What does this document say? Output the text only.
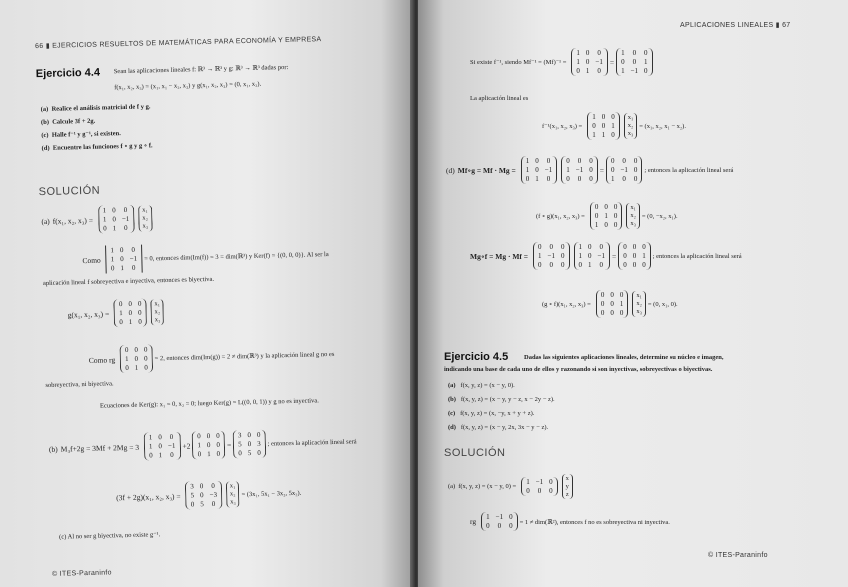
66 ▮ EJERCICIOS RESUELTOS DE MATEMÁTICAS PARA ECONOMÍA Y EMPRESA
Ejercicio 4.4 Sean las aplicaciones lineales f: ℝ³ → ℝ³ y g: ℝ³ → ℝ³ dadas por:
f(x₁, x₂, x₃) = (x₁, x₁ − x₂, x₃) y g(x₁, x₂, x₃) = (0, x₁, x₂).
(a) Realice el análisis matricial de f y g.
(b) Calcule 3f + 2g.
(c) Halle f⁻¹ y g⁻¹, si existen.
(d) Encuentre las funciones f ∘ g y g ∘ f.
SOLUCIÓN
(a) f(x₁, x₂, x₃) =
1 0 0
1 0 −1
0 1 0
x₁
x₂
x₃
Como
1 0 0
1 0 −1
0 1 0
= 0, entonces dim(Im(f)) = 3 = dim(ℝ³) y Ker(f) = {(0, 0, 0)}. Al ser la
aplicación lineal f sobreyectiva e inyectiva, entonces es biyectiva.
g(x₁, x₂, x₃) =
0 0 0
1 0 0
0 1 0
x₁
x₂
x₃
Como rg
0 0 0
1 0 0
0 1 0
= 2, entonces dim(Im(g)) = 2 ≠ dim(ℝ³) y la aplicación lineal g no es
sobreyectiva, ni biyectiva.
Ecuaciones de Ker(g): x₁ = 0, x₂ = 0; luego Ker(g) = L((0, 0, 1)) y g no es inyectiva.
(b) M₃f+2g = 3Mf + 2Mg = 3
1 0 0
1 0 −1
0 1 0
+2
0 0 0
1 0 0
0 1 0
=
3 0 0
5 0 3
0 5 0
; entonces la aplicación lineal será
(3f + 2g)(x₁, x₂, x₃) =
3 0 0
5 0 −3
0 5 0
x₁
x₂
x₃
= (3x₁, 5x₁ − 3x₃, 5x₂).
(c) Al no ser g biyectiva, no existe g⁻¹.
© ITES-Paraninfo
APLICACIONES LINEALES ▮ 67
Si existe f⁻¹, siendo Mf⁻¹ = (Mf)⁻¹ =
1 0 0
1 0 −1
0 1 0
=
1 0 0
0 0 1
1 −1 0
La aplicación lineal es
f⁻¹(x₁, x₂, x₃) =
1 0 0
0 0 1
1 1 0
x₁
x₂
x₃
= (x₁, x₂, x₁ − x₂).
(d) Mf∘g = Mf · Mg =
1 0 0
1 0 −1
0 1 0
0 0 0
1 −1 0
0 0 0
=
0 0 0
0 −1 0
1 0 0
; entonces la aplicación lineal será
(f ∘ g)(x₁, x₂, x₃) =
0 0 0
0 1 0
1 0 0
x₁
x₂
x₃
= (0, −x₂, x₁).
Mg∘f = Mg · Mf =
0 0 0
1 −1 0
0 0 0
1 0 0
1 0 −1
0 1 0
=
0 0 0
0 0 1
0 0 0
; entonces la aplicación lineal será
(g ∘ f)(x₁, x₂, x₃) =
0 0 0
0 0 1
0 0 0
x₁
x₂
x₃
= (0, x₁, 0).
Ejercicio 4.5 Dadas las siguientes aplicaciones lineales, determine su núcleo e imagen,
indicando una base de cada uno de ellos y razonando si son inyectivas, sobreyectivas o biyectivas.
(a) f(x, y, z) = (x − y, 0).
(b) f(x, y, z) = (x − y, y − z, x − 2y − z).
(c) f(x, y, z) = (x, −y, x + y + z).
(d) f(x, y, z) = (x − y, 2x, 3x − y − z).
SOLUCIÓN
(a) f(x, y, z) = (x − y, 0) =
1 −1 0
0 0 0
x
y
z
rg
1 −1 0
0 0 0 = 1 ≠ dim(ℝ²), entonces f no es sobreyectiva ni inyectiva.
© ITES-Paraninfo
